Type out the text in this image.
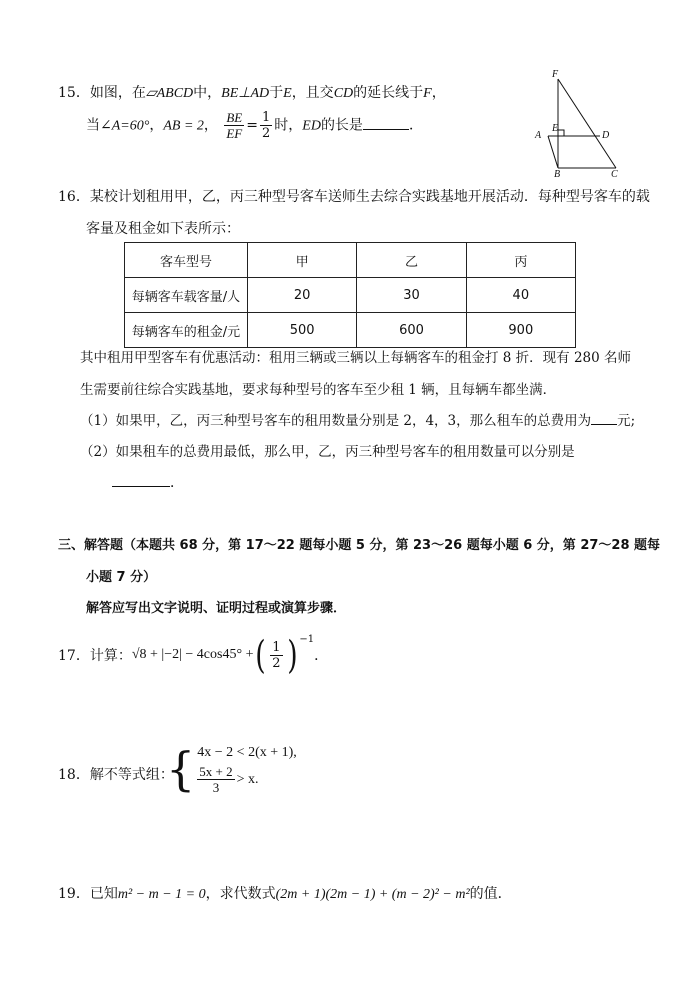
15．如图，在▱ABCD中，BE⊥AD于E，且交CD的延长线于F，
当∠A=60°，AB = 2， $\frac{BE}{EF} = \frac{1}{2}$ 时，ED的长是	．
F
E
D
A
B	C
16．某校计划租用甲，乙，丙三种型号客车送师生去综合实践基地开展活动．每种型号客车的载
客量及租金如下表所示：
客车型号	甲	乙	丙
每辆客车载客量/人	20	30	40
每辆客车的租金/元	500	600	900
其中租用甲型客车有优惠活动：租用三辆或三辆以上每辆客车的租金打 8 折．现有 280 名师
生需要前往综合实践基地，要求每种型号的客车至少租 1 辆，且每辆车都坐满．
（1）如果甲，乙，丙三种型号客车的租用数量分别是 2，4，3，那么租车的总费用为 元;
（2）如果租车的总费用最低，那么甲，乙，丙三种型号客车的租用数量可以分别是
．
三、解答题（本题共 68 分，第 17～22 题每小题 5 分，第 23～26 题每小题 6 分，第 27～28 题每
小题 7 分）
解答应写出文字说明、证明过程或演算步骤．
17． 计算： √8 + |−2| − 4cos45° + ( $\frac{1}{2} )^{-1}$
．
18．解不等式组：
{ 4x − 2 < 2(x + 1),
$\frac{5x + 2}{3} > x$.
19．已知m² − m − 1 = 0，求代数式(2m + 1)(2m − 1) + (m − 2)² − m²的值．
